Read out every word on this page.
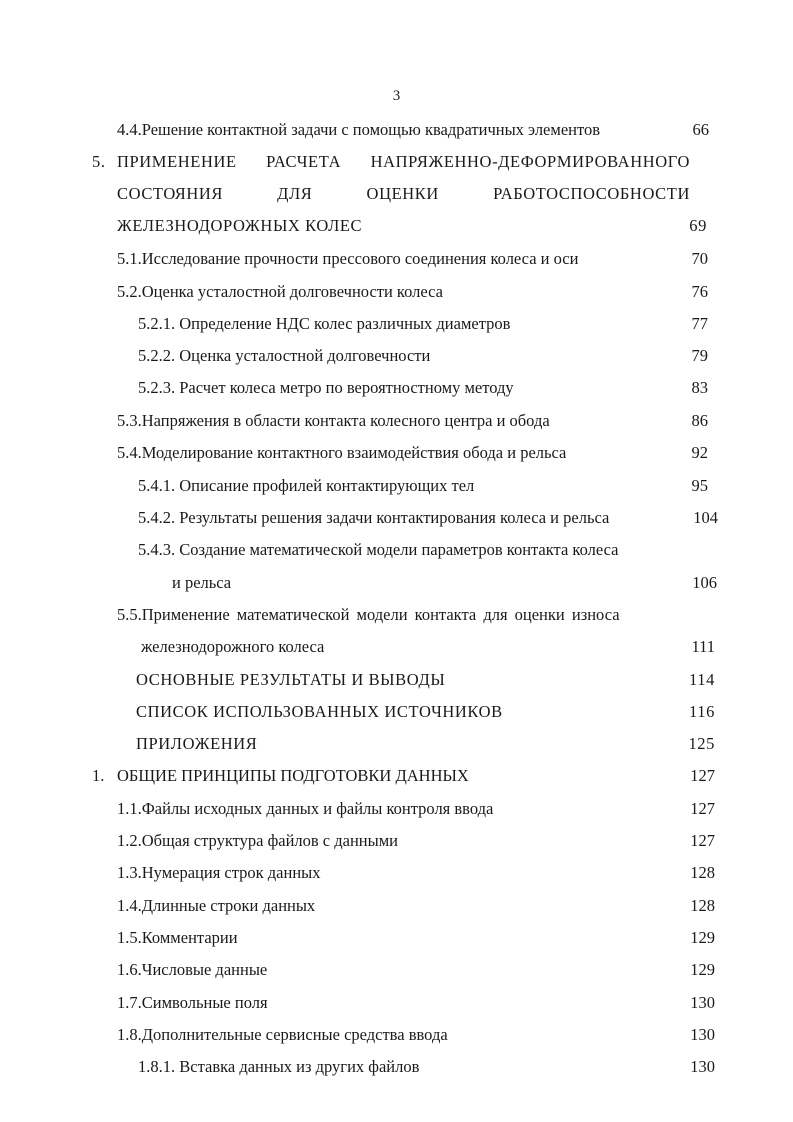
3
4.4.Решение контактной задачи с помощью квадратичных элементов	66
5. ПРИМЕНЕНИЕ РАСЧЕТА НАПРЯЖЕННО-ДЕФОРМИРОВАННОГО
СОСТОЯНИЯ	ДЛЯ	ОЦЕНКИ	РАБОТОСПОСОБНОСТИ
ЖЕЛЕЗНОДОРОЖНЫХ КОЛЕС	69
5.1.Исследование прочности прессового соединения колеса и оси	70
5.2.Оценка усталостной долговечности колеса	76
5.2.1. Определение НДС колес различных диаметров	77
5.2.2. Оценка усталостной долговечности	79
5.2.3. Расчет колеса метро по вероятностному методу	83
5.3.Напряжения в области контакта колесного центра и обода	86
5.4.Моделирование контактного взаимодействия обода и рельса	92
5.4.1. Описание профилей контактирующих тел	95
5.4.2. Результаты решения задачи контактирования колеса и рельса	104
5.4.3. Создание математической модели параметров контакта колеса
и рельса	106
5.5.Применение математической модели контакта для оценки износа
железнодорожного колеса	111
ОСНОВНЫЕ РЕЗУЛЬТАТЫ И ВЫВОДЫ	114
СПИСОК ИСПОЛЬЗОВАННЫХ ИСТОЧНИКОВ	116
ПРИЛОЖЕНИЯ	125
1. ОБЩИЕ ПРИНЦИПЫ ПОДГОТОВКИ ДАННЫХ	127
1.1.Файлы исходных данных и файлы контроля ввода	127
1.2.Общая структура файлов с данными	127
1.3.Нумерация строк данных	128
1.4.Длинные строки данных	128
1.5.Комментарии	129
1.6.Числовые данные	129
1.7.Символьные поля	130
1.8.Дополнительные сервисные средства ввода	130
1.8.1. Вставка данных из других файлов	130
